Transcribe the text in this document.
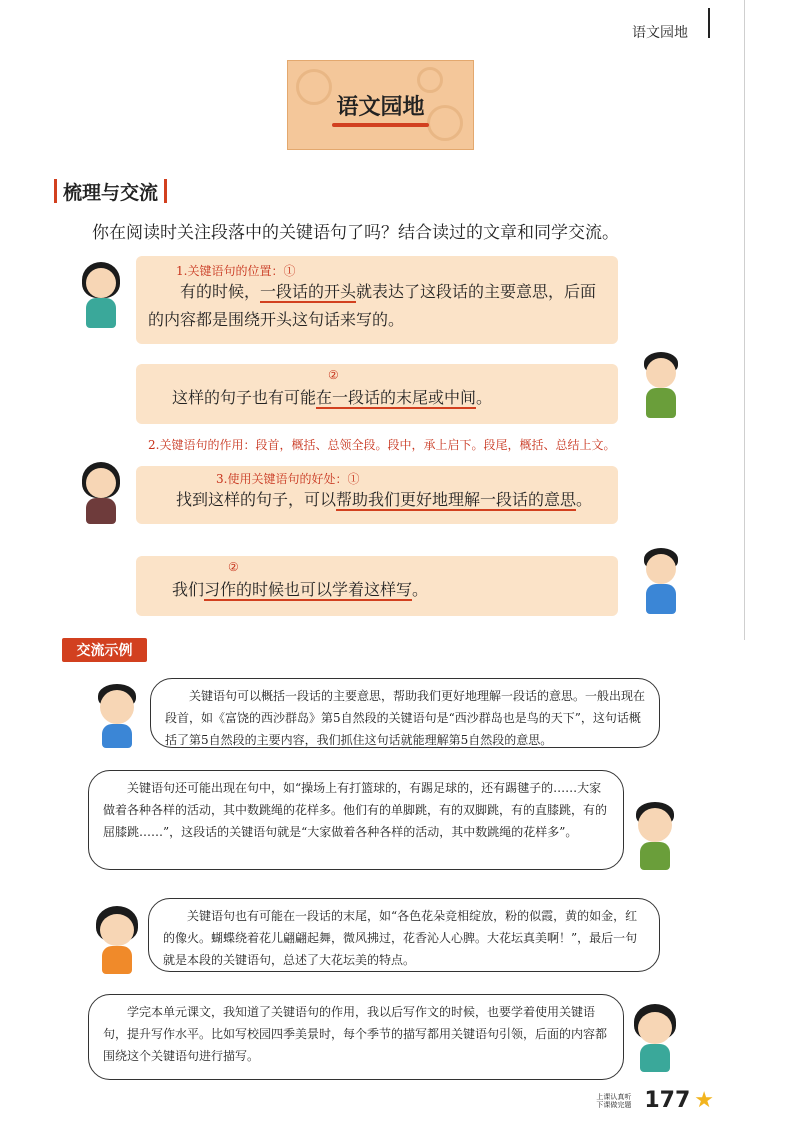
语文园地
语文园地
梳理与交流
你在阅读时关注段落中的关键语句了吗？结合读过的文章和同学交流。
1.关键语句的位置：①
有的时候，一段话的开头就表达了这段话的主要意思，后面的内容都是围绕开头这句话来写的。
②
这样的句子也有可能在一段话的末尾或中间。
2.关键语句的作用：段首，概括、总领全段。段中，承上启下。段尾，概括、总结上文。
3.使用关键语句的好处：①
找到这样的句子，可以帮助我们更好地理解一段话的意思。
②
我们习作的时候也可以学着这样写。
交流示例

关键语句可以概括一段话的主要意思，帮助我们更好地理解一段话的意思。一般出现在段首，如《富饶的西沙群岛》第5自然段的关键语句是“西沙群岛也是鸟的天下”，这句话概括了第5自然段的主要内容，我们抓住这句话就能理解第5自然段的意思。

关键语句还可能出现在句中，如“操场上有打篮球的，有踢足球的，还有踢毽子的……大家做着各种各样的活动，其中数跳绳的花样多。他们有的单脚跳，有的双脚跳，有的直膝跳，有的屈膝跳……”，这段话的关键语句就是“大家做着各种各样的活动，其中数跳绳的花样多”。

关键语句也有可能在一段话的末尾，如“各色花朵竞相绽放，粉的似霞，黄的如金，红的像火。蝴蝶绕着花儿翩翩起舞，微风拂过，花香沁人心脾。大花坛真美啊！”，最后一句就是本段的关键语句，总述了大花坛美的特点。

学完本单元课文，我知道了关键语句的作用，我以后写作文的时候，也要学着使用关键语句，提升写作水平。比如写校园四季美景时，每个季节的描写都用关键语句引领，后面的内容都围绕这个关键语句进行描写。

上课认真听 下课做完题 177 ★
